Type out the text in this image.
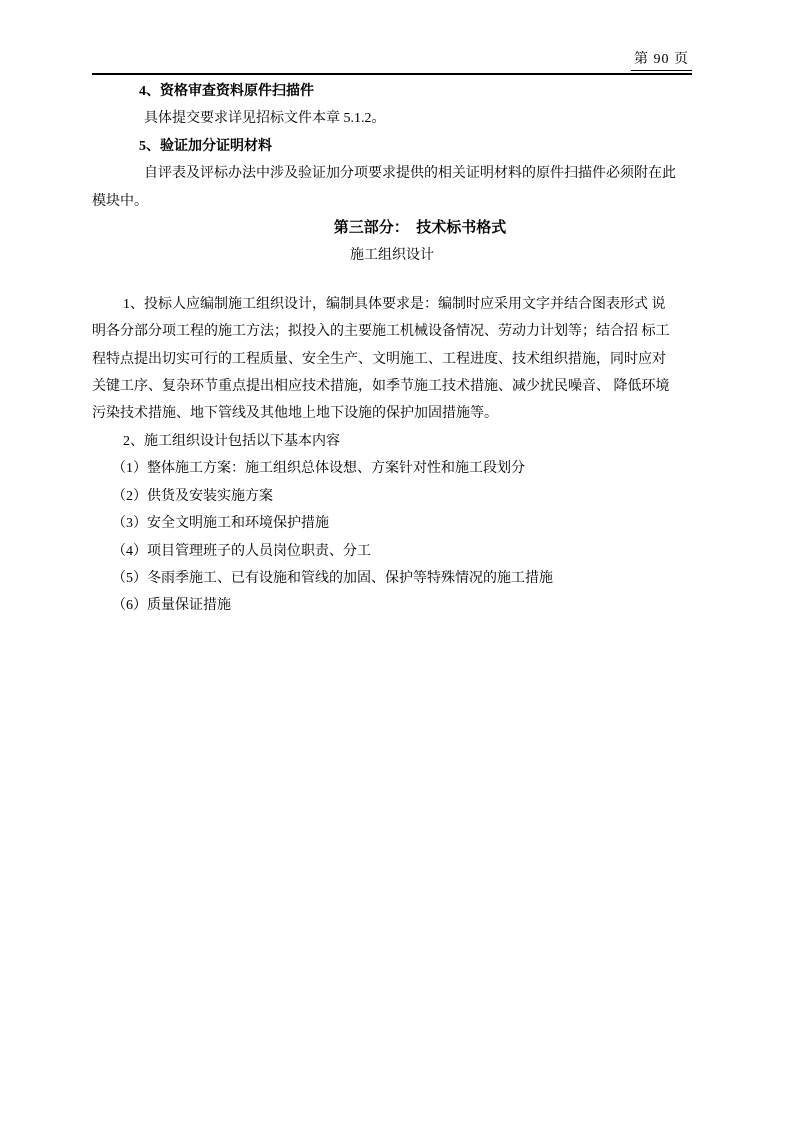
第 90 页
4、资格审查资料原件扫描件
具体提交要求详见招标文件本章 5.1.2。
5、验证加分证明材料
自评表及评标办法中涉及验证加分项要求提供的相关证明材料的原件扫描件必须附在此
模块中。
第三部分：　技术标书格式
施工组织设计
1、投标人应编制施工组织设计，编制具体要求是：编制时应采用文字并结合图表形式 说
明各分部分项工程的施工方法；拟投入的主要施工机械设备情况、劳动力计划等；结合招 标工
程特点提出切实可行的工程质量、安全生产、文明施工、工程进度、技术组织措施，同时应对
关键工序、复杂环节重点提出相应技术措施，如季节施工技术措施、减少扰民噪音、 降低环境
污染技术措施、地下管线及其他地上地下设施的保护加固措施等。
2、施工组织设计包括以下基本内容
（1）整体施工方案：施工组织总体设想、方案针对性和施工段划分
（2）供货及安装实施方案
（3）安全文明施工和环境保护措施
（4）项目管理班子的人员岗位职责、分工
（5）冬雨季施工、已有设施和管线的加固、保护等特殊情况的施工措施
（6）质量保证措施
